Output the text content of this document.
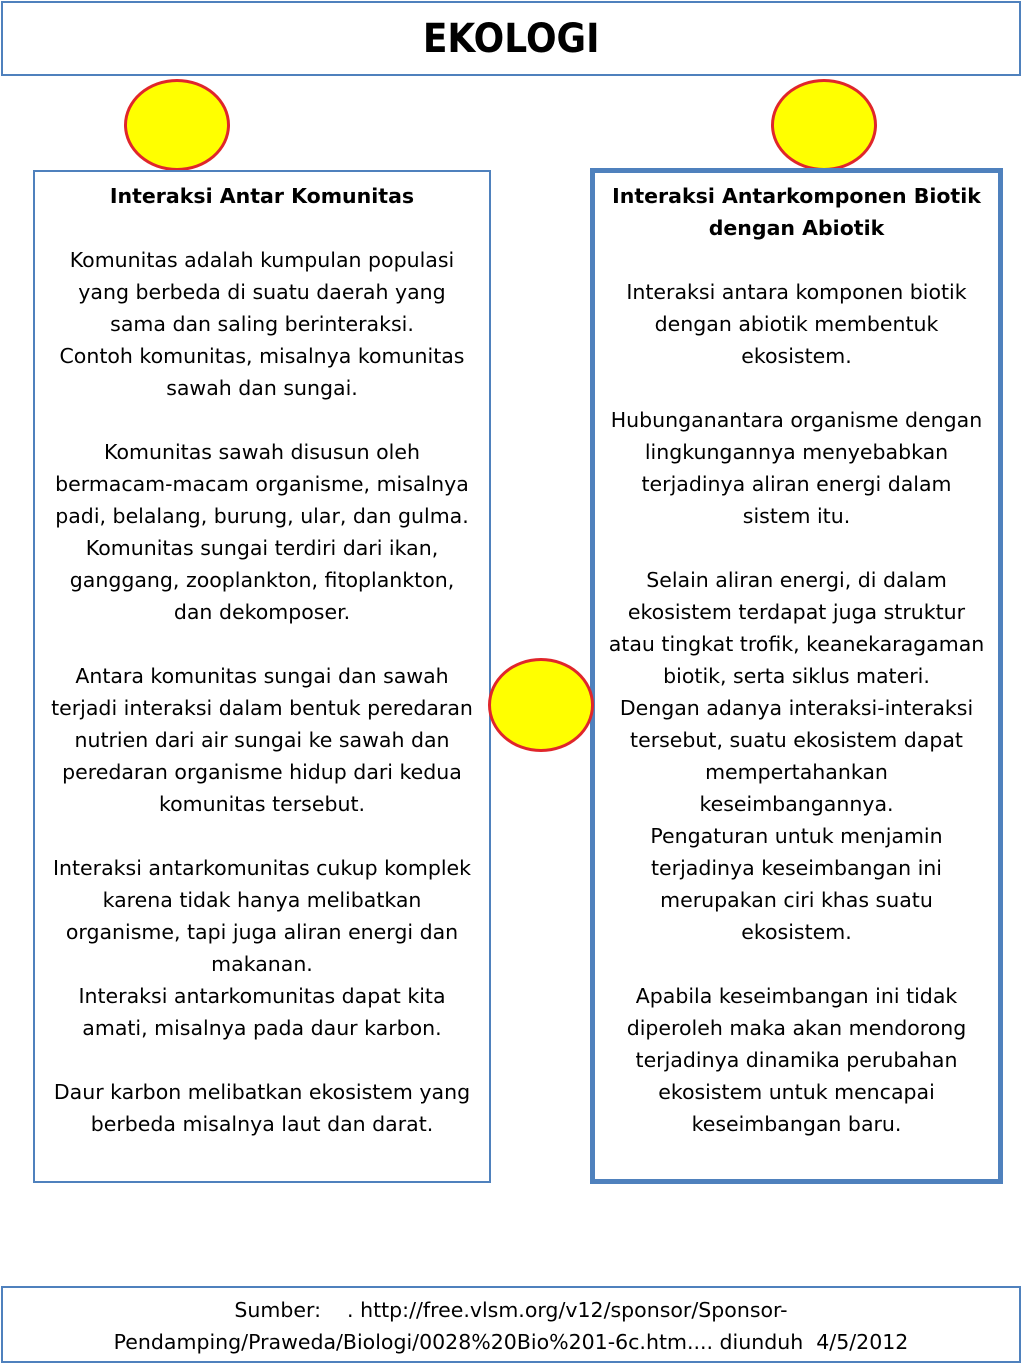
EKOLOGI

Interaksi Antar Komunitas

Komunitas adalah kumpulan populasi yang berbeda di suatu daerah yang sama dan saling berinteraksi.

Contoh komunitas, misalnya komunitas sawah dan sungai.

Komunitas sawah disusun oleh bermacam-macam organisme, misalnya padi, belalang, burung, ular, dan gulma. Komunitas sungai terdiri dari ikan, ganggang, zooplankton, fitoplankton, dan dekomposer.

Antara komunitas sungai dan sawah terjadi interaksi dalam bentuk peredaran nutrien dari air sungai ke sawah dan peredaran organisme hidup dari kedua komunitas tersebut.

Interaksi antarkomunitas cukup komplek karena tidak hanya melibatkan organisme, tapi juga aliran energi dan makanan.

Interaksi antarkomunitas dapat kita amati, misalnya pada daur karbon.

Daur karbon melibatkan ekosistem yang berbeda misalnya laut dan darat.

Interaksi Antarkomponen Biotik dengan Abiotik

Interaksi antara komponen biotik dengan abiotik membentuk ekosistem.

Hubunganantara organisme dengan lingkungannya menyebabkan terjadinya aliran energi dalam sistem itu.

Selain aliran energi, di dalam ekosistem terdapat juga struktur atau tingkat trofik, keanekaragaman biotik, serta siklus materi.

Dengan adanya interaksi-interaksi tersebut, suatu ekosistem dapat mempertahankan keseimbangannya.

Pengaturan untuk menjamin terjadinya keseimbangan ini merupakan ciri khas suatu ekosistem.

Apabila keseimbangan ini tidak diperoleh maka akan mendorong terjadinya dinamika perubahan ekosistem untuk mencapai keseimbangan baru.

Sumber:    . http://free.vlsm.org/v12/sponsor/Sponsor-
Pendamping/Praweda/Biologi/0028%20Bio%201-6c.htm.... diunduh  4/5/2012
